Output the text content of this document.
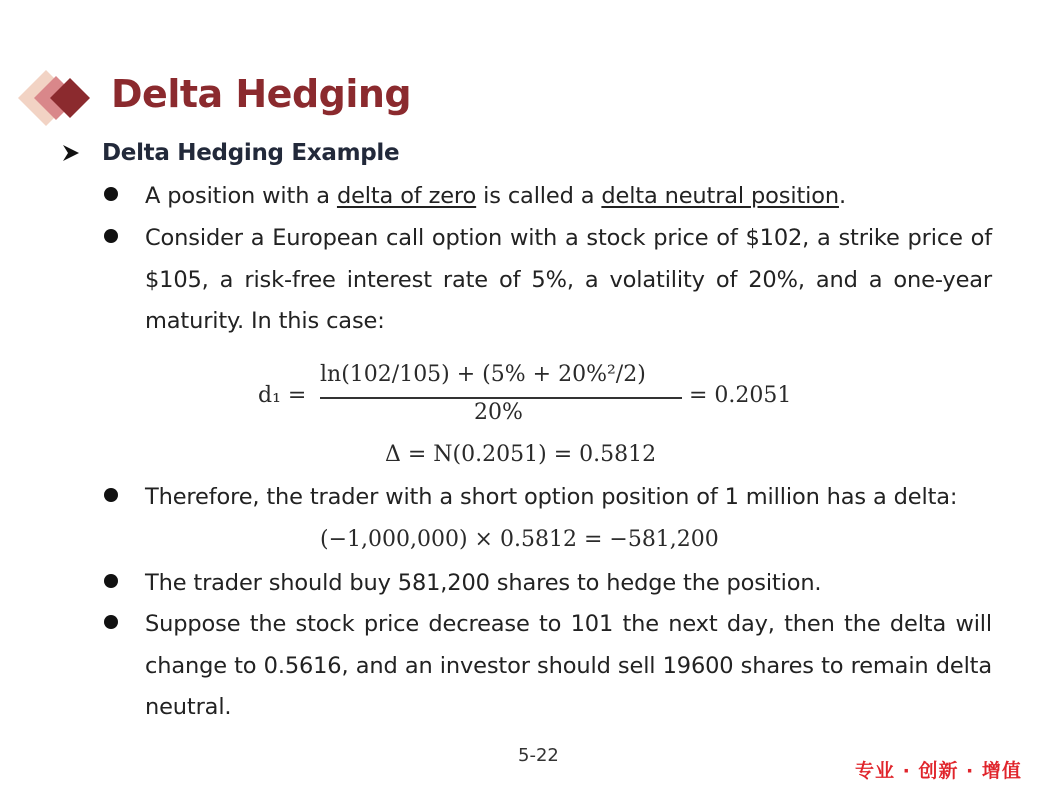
Delta Hedging
Delta Hedging Example
A position with a delta of zero is called a delta neutral position.
Consider a European call option with a stock price of $102, a strike price of $105, a risk-free interest rate of 5%, a volatility of 20%, and a one-year maturity. In this case:
d₁ =
ln(102/105) + (5% + 20%²/2)
20%
= 0.2051
Δ = N(0.2051) = 0.5812
Therefore, the trader with a short option position of 1 million has a delta:
(−1,000,000) × 0.5812 = −581,200
The trader should buy 581,200 shares to hedge the position.
Suppose the stock price decrease to 101 the next day, then the delta will change to 0.5616, and an investor should sell 19600 shares to remain delta neutral.
5-22
专业 · 创新 · 增值
